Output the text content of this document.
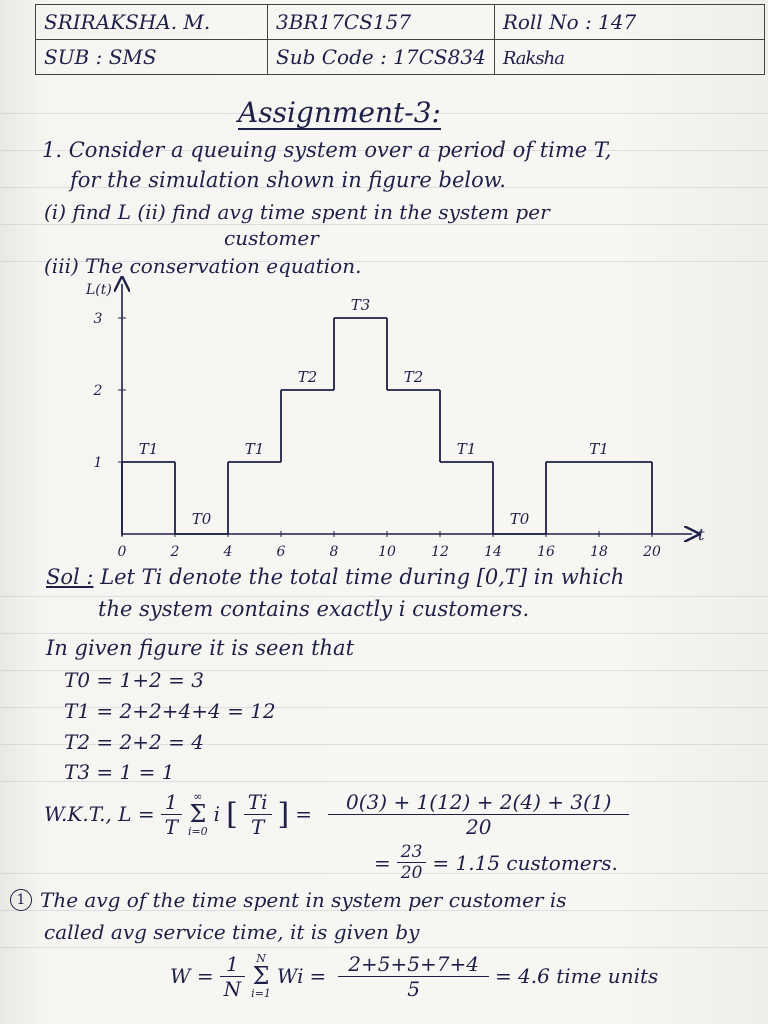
SRIRAKSHA. M.	3BR17CS157	Roll No : 147
SUB : SMS	Sub Code : 17CS834	Raksha
Assignment-3:
1. Consider a queuing system over a period of time T,
for the simulation shown in figure below.
(i) find L (ii) find avg time spent in the system per
customer
(iii) The conservation equation.
L(t)
t
0	2	4	6	8	10	12	14	16	18	20
1
2
3
T1
T0
T1
T2
T3
T2
T1
T0
T1
Sol : Let Ti denote the total time during [0,T] in which
the system contains exactly i customers.
In given figure it is seen that
T0 = 1+2 = 3
T1 = 2+2+4+4 = 12
T2 = 2+2 = 4
T3 = 1 = 1
W.K.T., $L = \frac{1}{T}$	∞
Σ
i=0
i [ $\frac{Ti}{T}$ ] = $\frac{0(3) + 1(12) + 2(4) + 3(1)}{20}$
= $\frac{23}{20} = 1.15$ customers.
1 The avg of the time spent in system per customer is
called avg service time, it is given by
$W = \frac{1}{N}$	N
Σ
i=1
$Wi = \frac{2+5+5+7+4}{5} = 4.6$ time units
